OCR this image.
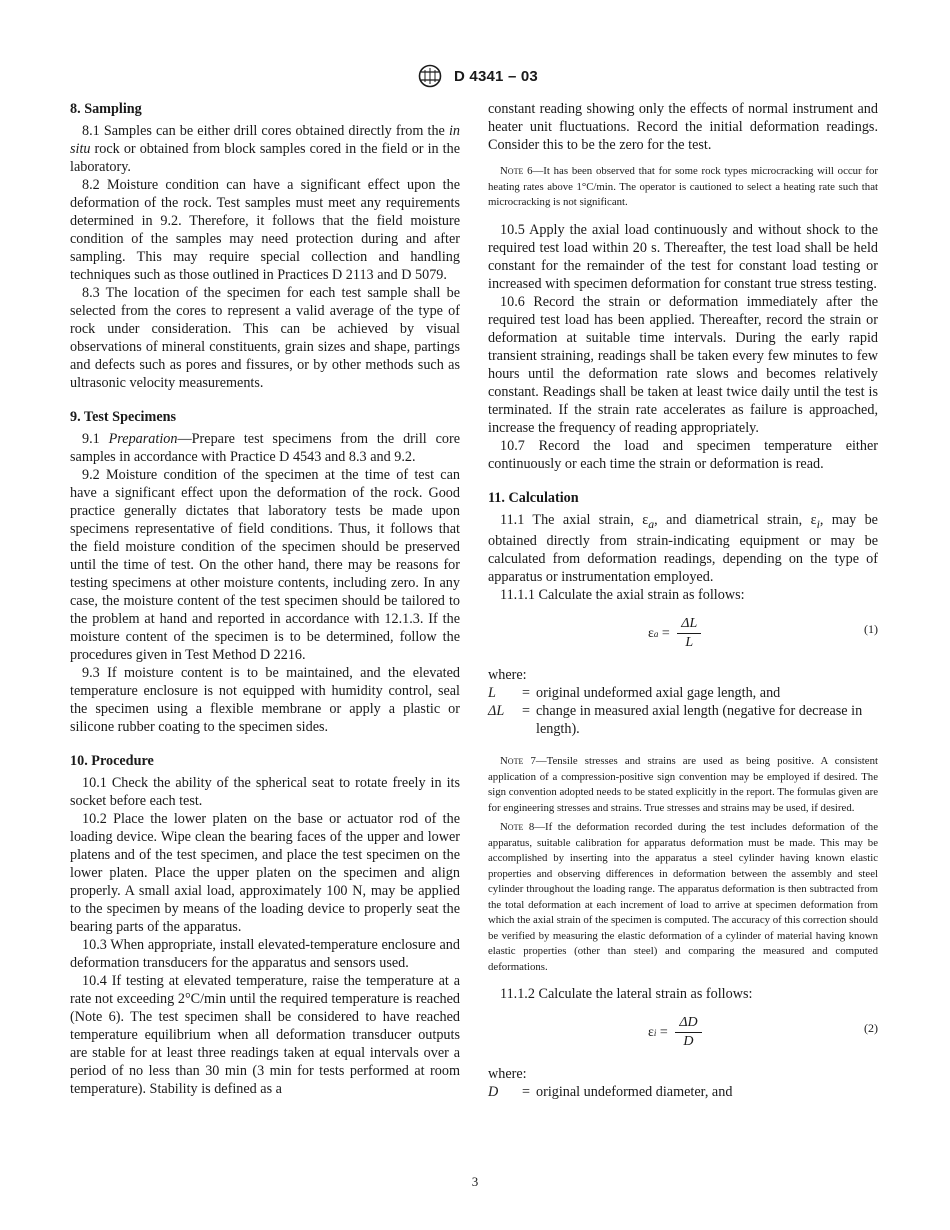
D 4341 – 03
8. Sampling

8.1 Samples can be either drill cores obtained directly from the in situ rock or obtained from block samples cored in the field or in the laboratory.

8.2 Moisture condition can have a significant effect upon the deformation of the rock. Test samples must meet any requirements determined in 9.2. Therefore, it follows that the field moisture condition of the samples may need protection during and after sampling. This may require special collection and handling techniques such as those outlined in Practices D 2113 and D 5079.

8.3 The location of the specimen for each test sample shall be selected from the cores to represent a valid average of the type of rock under consideration. This can be achieved by visual observations of mineral constituents, grain sizes and shape, partings and defects such as pores and fissures, or by other methods such as ultrasonic velocity measurements.

9. Test Specimens

9.1 Preparation—Prepare test specimens from the drill core samples in accordance with Practice D 4543 and 8.3 and 9.2.

9.2 Moisture condition of the specimen at the time of test can have a significant effect upon the deformation of the rock. Good practice generally dictates that laboratory tests be made upon specimens representative of field conditions. Thus, it follows that the field moisture condition of the specimen should be preserved until the time of test. On the other hand, there may be reasons for testing specimens at other moisture contents, including zero. In any case, the moisture content of the test specimen should be tailored to the problem at hand and reported in accordance with 12.1.3. If the moisture content of the specimen is to be determined, follow the procedures given in Test Method D 2216.

9.3 If moisture content is to be maintained, and the elevated temperature enclosure is not equipped with humidity control, seal the specimen using a flexible membrane or apply a plastic or silicone rubber coating to the specimen sides.

10. Procedure

10.1 Check the ability of the spherical seat to rotate freely in its socket before each test.

10.2 Place the lower platen on the base or actuator rod of the loading device. Wipe clean the bearing faces of the upper and lower platens and of the test specimen, and place the test specimen on the lower platen. Place the upper platen on the specimen and align properly. A small axial load, approximately 100 N, may be applied to the specimen by means of the loading device to properly seat the bearing parts of the apparatus.

10.3 When appropriate, install elevated-temperature enclosure and deformation transducers for the apparatus and sensors used.

10.4 If testing at elevated temperature, raise the temperature at a rate not exceeding 2°C/min until the required temperature is reached (Note 6). The test specimen shall be considered to have reached temperature equilibrium when all deformation transducer outputs are stable for at least three readings taken at equal intervals over a period of no less than 30 min (3 min for tests performed at room temperature). Stability is defined as a

constant reading showing only the effects of normal instrument and heater unit fluctuations. Record the initial deformation readings. Consider this to be the zero for the test.

Note 6—It has been observed that for some rock types microcracking will occur for heating rates above 1°C/min. The operator is cautioned to select a heating rate such that microcracking is not significant.

10.5 Apply the axial load continuously and without shock to the required test load within 20 s. Thereafter, the test load shall be held constant for the remainder of the test for constant load testing or increased with specimen deformation for constant true stress testing.

10.6 Record the strain or deformation immediately after the required test load has been applied. Thereafter, record the strain or deformation at suitable time intervals. During the early rapid transient straining, readings shall be taken every few minutes to few hours until the deformation rate slows and becomes relatively constant. Readings shall be taken at least twice daily until the test is terminated. If the strain rate accelerates as failure is approached, increase the frequency of reading appropriately.

10.7 Record the load and specimen temperature either continuously or each time the strain or deformation is read.

11. Calculation

11.1 The axial strain, $\varepsilon_a$, and diametrical strain, $\varepsilon_i$, may be obtained directly from strain-indicating equipment or may be calculated from deformation readings, depending on the type of apparatus or instrumentation employed.

11.1.1 Calculate the axial strain as follows:

ε $a = \frac{\Delta L}{L}$	(1)
where:
L	= original undeformed axial gage length, and
ΔL	= change in measured axial length (negative for decrease in length).

Note 7—Tensile stresses and strains are used as being positive. A consistent application of a compression-positive sign convention may be employed if desired. The sign convention adopted needs to be stated explicitly in the report. The formulas given are for engineering stresses and strains. True stresses and strains may be used, if desired.

Note 8—If the deformation recorded during the test includes deformation of the apparatus, suitable calibration for apparatus deformation must be made. This may be accomplished by inserting into the apparatus a steel cylinder having known elastic properties and observing differences in deformation between the assembly and steel cylinder throughout the loading range. The apparatus deformation is then subtracted from the total deformation at each increment of load to arrive at specimen deformation from which the axial strain of the specimen is computed. The accuracy of this correction should be verified by measuring the elastic deformation of a cylinder of material having known elastic properties (other than steel) and comparing the measured and computed deformations.

11.1.2 Calculate the lateral strain as follows:

ε $i = \frac{\Delta D}{D}$	(2)
where:
D	= original undeformed diameter, and
3
